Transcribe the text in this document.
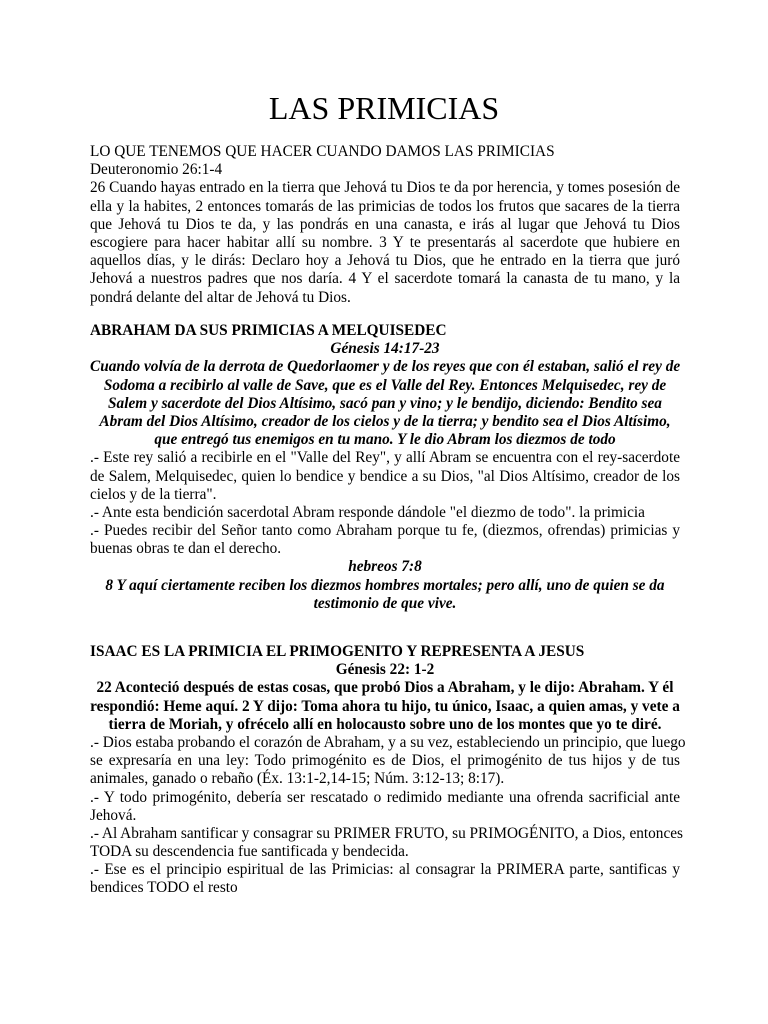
LAS PRIMICIAS
LO QUE TENEMOS QUE HACER CUANDO DAMOS LAS PRIMICIAS
Deuteronomio 26:1-4
26 Cuando hayas entrado en la tierra que Jehová tu Dios te da por herencia, y tomes posesión de
ella y la habites, 2 entonces tomarás de las primicias de todos los frutos que sacares de la tierra
que Jehová tu Dios te da, y las pondrás en una canasta, e irás al lugar que Jehová tu Dios
escogiere para hacer habitar allí su nombre. 3 Y te presentarás al sacerdote que hubiere en
aquellos días, y le dirás: Declaro hoy a Jehová tu Dios, que he entrado en la tierra que juró
Jehová a nuestros padres que nos daría. 4 Y el sacerdote tomará la canasta de tu mano, y la
pondrá delante del altar de Jehová tu Dios.
ABRAHAM DA SUS PRIMICIAS A MELQUISEDEC
Génesis 14:17-23
Cuando volvía de la derrota de Quedorlaomer y de los reyes que con él estaban, salió el rey de
Sodoma a recibirlo al valle de Save, que es el Valle del Rey. Entonces Melquisedec, rey de
Salem y sacerdote del Dios Altísimo, sacó pan y vino; y le bendijo, diciendo: Bendito sea
Abram del Dios Altísimo, creador de los cielos y de la tierra; y bendito sea el Dios Altísimo,
que entregó tus enemigos en tu mano. Y le dio Abram los diezmos de todo
.- Este rey salió a recibirle en el "Valle del Rey", y allí Abram se encuentra con el rey-sacerdote
de Salem, Melquisedec, quien lo bendice y bendice a su Dios, "al Dios Altísimo, creador de los
cielos y de la tierra".
.- Ante esta bendición sacerdotal Abram responde dándole "el diezmo de todo". la primicia
.- Puedes recibir del Señor tanto como Abraham porque tu fe, (diezmos, ofrendas) primicias y
buenas obras te dan el derecho.
hebreos 7:8
8 Y aquí ciertamente reciben los diezmos hombres mortales; pero allí, uno de quien se da
testimonio de que vive.
ISAAC ES LA PRIMICIA EL PRIMOGENITO Y REPRESENTA A JESUS
Génesis 22: 1-2
22 Aconteció después de estas cosas, que probó Dios a Abraham, y le dijo: Abraham. Y él
respondió: Heme aquí. 2 Y dijo: Toma ahora tu hijo, tu único, Isaac, a quien amas, y vete a
tierra de Moriah, y ofrécelo allí en holocausto sobre uno de los montes que yo te diré.
.- Dios estaba probando el corazón de Abraham, y a su vez, estableciendo un principio, que luego
se expresaría en una ley: Todo primogénito es de Dios, el primogénito de tus hijos y de tus
animales, ganado o rebaño (Éx. 13:1-2,14-15; Núm. 3:12-13; 8:17).
.- Y todo primogénito, debería ser rescatado o redimido mediante una ofrenda sacrificial ante
Jehová.
.- Al Abraham santificar y consagrar su PRIMER FRUTO, su PRIMOGÉNITO, a Dios, entonces
TODA su descendencia fue santificada y bendecida.
.- Ese es el principio espiritual de las Primicias: al consagrar la PRIMERA parte, santificas y
bendices TODO el resto
